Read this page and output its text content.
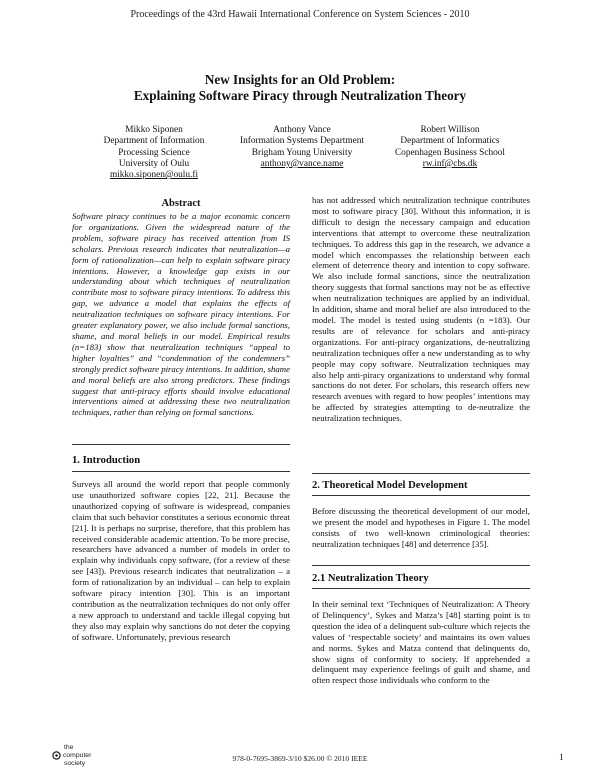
Proceedings of the 43rd Hawaii International Conference on System Sciences - 2010
New Insights for an Old Problem:
Explaining Software Piracy through Neutralization Theory
Mikko Siponen
Department of Information
Processing Science
University of Oulu
mikko.siponen@oulu.fi
Anthony Vance
Information Systems Department
Brigham Young University
anthony@vance.name
Robert Willison
Department of Informatics
Copenhagen Business School
rw.inf@cbs.dk
Abstract
Software piracy continues to be a major economic concern for organizations. Given the widespread nature of the problem, software piracy has received attention from IS scholars. Previous research indicates that neutralization—a form of rationalization—can help to explain software piracy intentions. However, a knowledge gap exists in our understanding about which techniques of neutralization contribute most to software piracy intentions. To address this gap, we advance a model that explains the effects of neutralization techniques on software piracy intentions. For greater explanatory power, we also include formal sanctions, shame, and moral beliefs in our model. Empirical results (n=183) show that neutralization techniques “appeal to higher loyalties” and “condemnation of the condemners” strongly predict software piracy intentions. In addition, shame and moral beliefs are also strong predictors. These findings suggest that anti-piracy efforts should involve educational interventions aimed at addressing these two neutralization techniques, rather than relying on formal sanctions.
1. Introduction
Surveys all around the world report that people commonly use unauthorized software copies [22, 21]. Because the unauthorized copying of software is widespread, companies claim that such behavior constitutes a serious economic threat [21]. It is perhaps no surprise, therefore, that this problem has received considerable academic attention. To be more precise, researchers have advanced a number of models in order to explain why individuals copy software, (for a review of these see [43]). Previous research indicates that neutralization – a form of rationalization by an individual – can help to explain software piracy intention [30]. This is an important contribution as the neutralization techniques do not only offer a new approach to understand and tackle illegal copying but they also may explain why sanctions do not deter the copying of software. Unfortunately, previous research
has not addressed which neutralization technique contributes most to software piracy [30]. Without this information, it is difficult to design the necessary campaign and education interventions that attempt to overcome these neutralization techniques. To address this gap in the research, we advance a model which encompasses the relationship between each element of deterrence theory and intention to copy software. We also include formal sanctions, since the neutralization theory suggests that formal sanctions may not be as effective when neutralization techniques are applied by an individual. In addition, shame and moral belief are also introduced to the model. The model is tested using students (n =183). Our results are of relevance for scholars and anti-piracy organizations. For anti-piracy organizations, de-neutralizing neutralization techniques offer a new understanding as to why people may copy software. Neutralization techniques may also help anti-piracy organizations to understand why formal sanctions do not deter. For scholars, this research offers new research avenues with regard to how peoples’ intentions may be affected by strategies attempting to de-neutralize the neutralization techniques.
2. Theoretical Model Development
Before discussing the theoretical development of our model, we present the model and hypotheses in Figure 1. The model consists of two well-known criminological theories: neutralization techniques [48] and deterrence [35].
2.1 Neutralization Theory
In their seminal text ‘Techniques of Neutralization: A Theory of Delinquency’, Sykes and Matza’s [48] starting point is to question the idea of a delinquent sub-culture which rejects the values of ‘respectable society’ and maintains its own values and norms. Sykes and Matza contend that delinquents do, show signs of conformity to society. If apprehended a delinquent may experience feelings of guilt and shame, and often respect those individuals who conform to the
the
computer
society
978-0-7695-3869-3/10 $26.00 © 2010 IEEE	1
